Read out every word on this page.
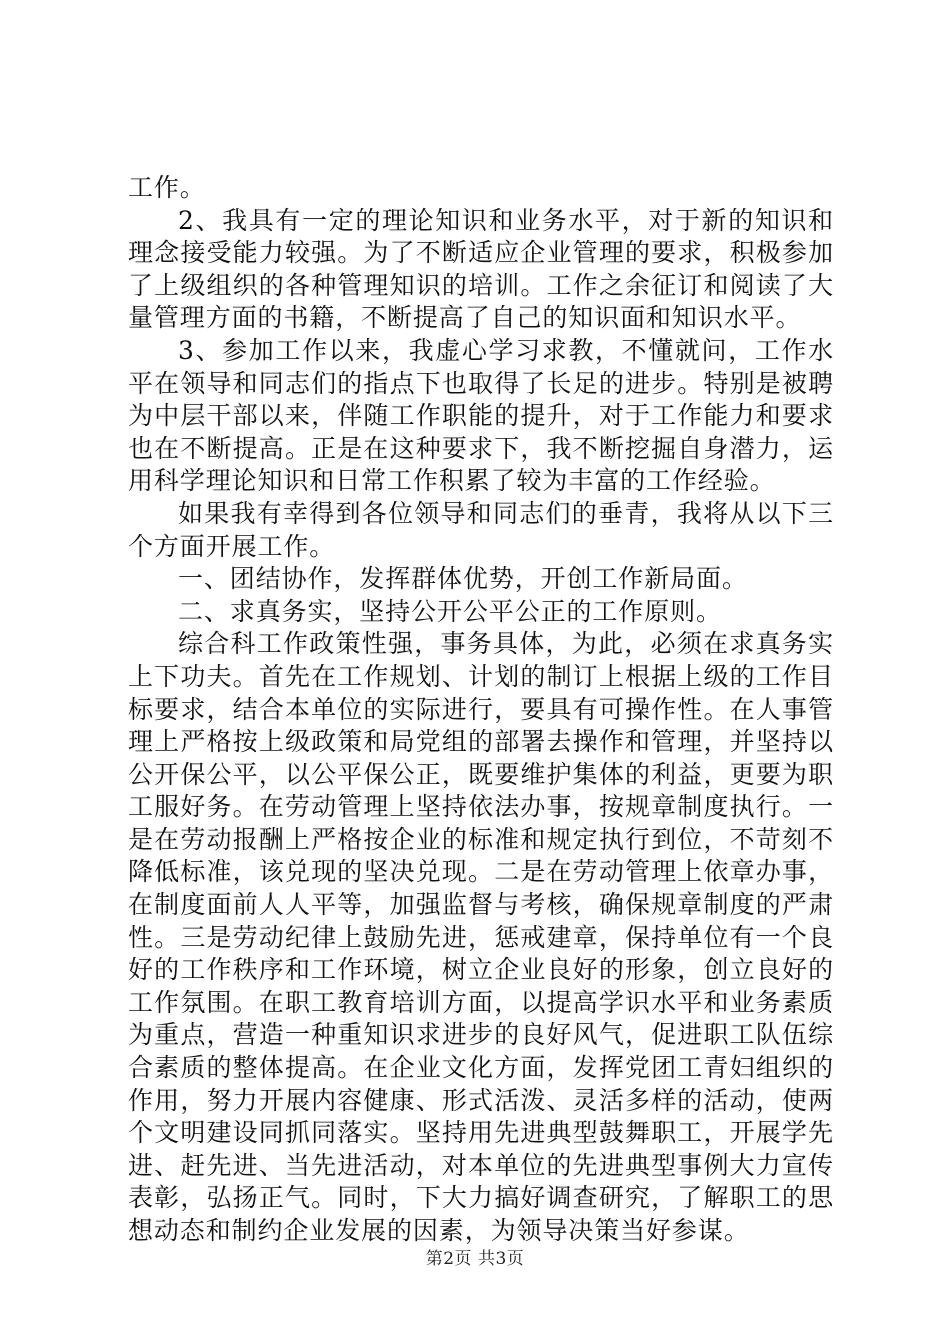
工作。

2、我具有一定的理论知识和业务水平，对于新的知识和理念接受能力较强。为了不断适应企业管理的要求，积极参加了上级组织的各种管理知识的培训。工作之余征订和阅读了大量管理方面的书籍，不断提高了自己的知识面和知识水平。

3、参加工作以来，我虚心学习求教，不懂就问，工作水平在领导和同志们的指点下也取得了长足的进步。特别是被聘为中层干部以来，伴随工作职能的提升，对于工作能力和要求也在不断提高。正是在这种要求下，我不断挖掘自身潜力，运用科学理论知识和日常工作积累了较为丰富的工作经验。

如果我有幸得到各位领导和同志们的垂青，我将从以下三个方面开展工作。

一、团结协作，发挥群体优势，开创工作新局面。

二、求真务实，坚持公开公平公正的工作原则。

综合科工作政策性强，事务具体，为此，必须在求真务实上下功夫。首先在工作规划、计划的制订上根据上级的工作目标要求，结合本单位的实际进行，要具有可操作性。在人事管理上严格按上级政策和局党组的部署去操作和管理，并坚持以公开保公平，以公平保公正，既要维护集体的利益，更要为职工服好务。在劳动管理上坚持依法办事，按规章制度执行。一是在劳动报酬上严格按企业的标准和规定执行到位，不苛刻不降低标准，该兑现的坚决兑现。二是在劳动管理上依章办事，在制度面前人人平等，加强监督与考核，确保规章制度的严肃性。三是劳动纪律上鼓励先进，惩戒建章，保持单位有一个良好的工作秩序和工作环境，树立企业良好的形象，创立良好的工作氛围。在职工教育培训方面，以提高学识水平和业务素质为重点，营造一种重知识求进步的良好风气，促进职工队伍综合素质的整体提高。在企业文化方面，发挥党团工青妇组织的作用，努力开展内容健康、形式活泼、灵活多样的活动，使两个文明建设同抓同落实。坚持用先进典型鼓舞职工，开展学先进、赶先进、当先进活动，对本单位的先进典型事例大力宣传表彰，弘扬正气。同时，下大力搞好调查研究，了解职工的思想动态和制约企业发展的因素，为领导决策当好参谋。

第2页 共3页
